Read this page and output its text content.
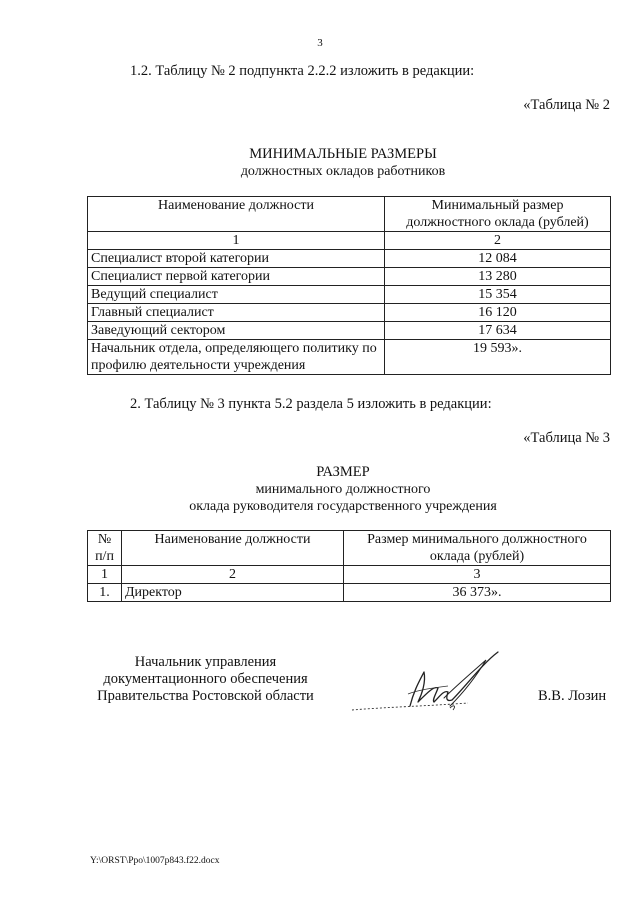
3
1.2. Таблицу № 2 подпункта 2.2.2 изложить в редакции:
«Таблица № 2
МИНИМАЛЬНЫЕ РАЗМЕРЫ
должностных окладов работников
Наименование должности	Минимальный размер должностного оклада (рублей)
1	2
Специалист второй категории	12 084
Специалист первой категории	13 280
Ведущий специалист	15 354
Главный специалист	16 120
Заведующий сектором	17 634
Начальник отдела, определяющего политику по профилю деятельности учреждения	19 593».
2. Таблицу № 3 пункта 5.2 раздела 5 изложить в редакции:
«Таблица № 3
РАЗМЕР
минимального должностного
оклада руководителя государственного учреждения
№ п/п	Наименование должности	Размер минимального должностного оклада (рублей)
1	2	3
1.	Директор	36 373».
Начальник управления
документационного обеспечения
Правительства Ростовской области	В.В. Лозин
Y:\ORST\Ppo\1007p843.f22.docx
